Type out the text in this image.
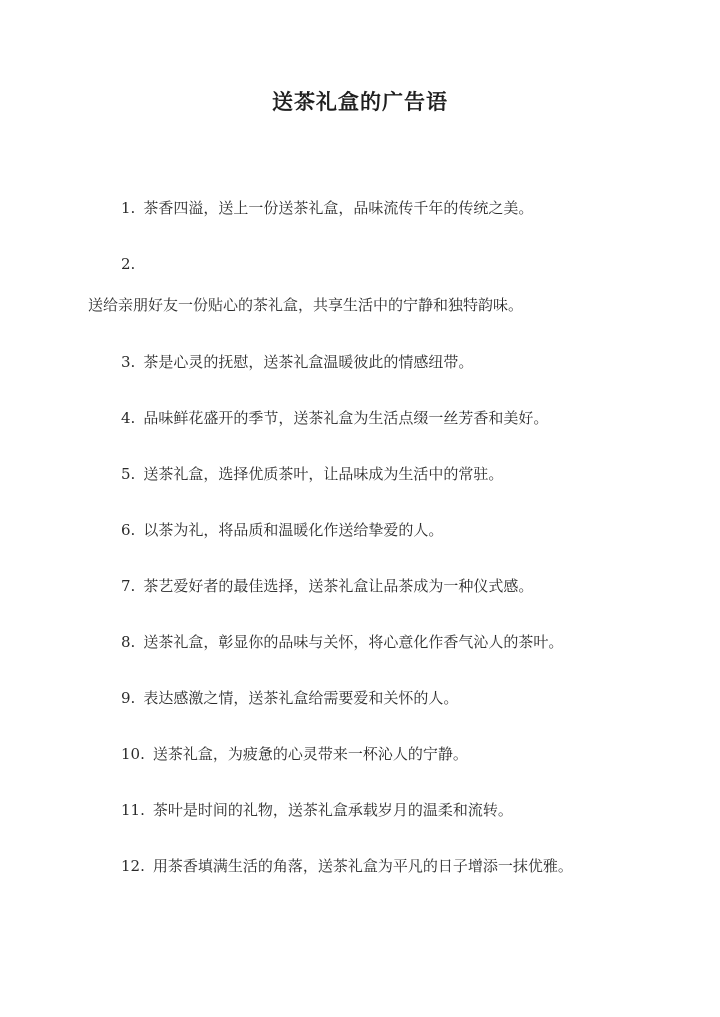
送茶礼盒的广告语
1. 茶香四溢，送上一份送茶礼盒，品味流传千年的传统之美。
2.
送给亲朋好友一份贴心的茶礼盒，共享生活中的宁静和独特韵味。
3. 茶是心灵的抚慰，送茶礼盒温暖彼此的情感纽带。
4. 品味鲜花盛开的季节，送茶礼盒为生活点缀一丝芳香和美好。
5. 送茶礼盒，选择优质茶叶，让品味成为生活中的常驻。
6. 以茶为礼，将品质和温暖化作送给挚爱的人。
7. 茶艺爱好者的最佳选择，送茶礼盒让品茶成为一种仪式感。
8. 送茶礼盒，彰显你的品味与关怀，将心意化作香气沁人的茶叶。
9. 表达感激之情，送茶礼盒给需要爱和关怀的人。
10. 送茶礼盒，为疲惫的心灵带来一杯沁人的宁静。
11. 茶叶是时间的礼物，送茶礼盒承载岁月的温柔和流转。
12. 用茶香填满生活的角落，送茶礼盒为平凡的日子增添一抹优雅。
